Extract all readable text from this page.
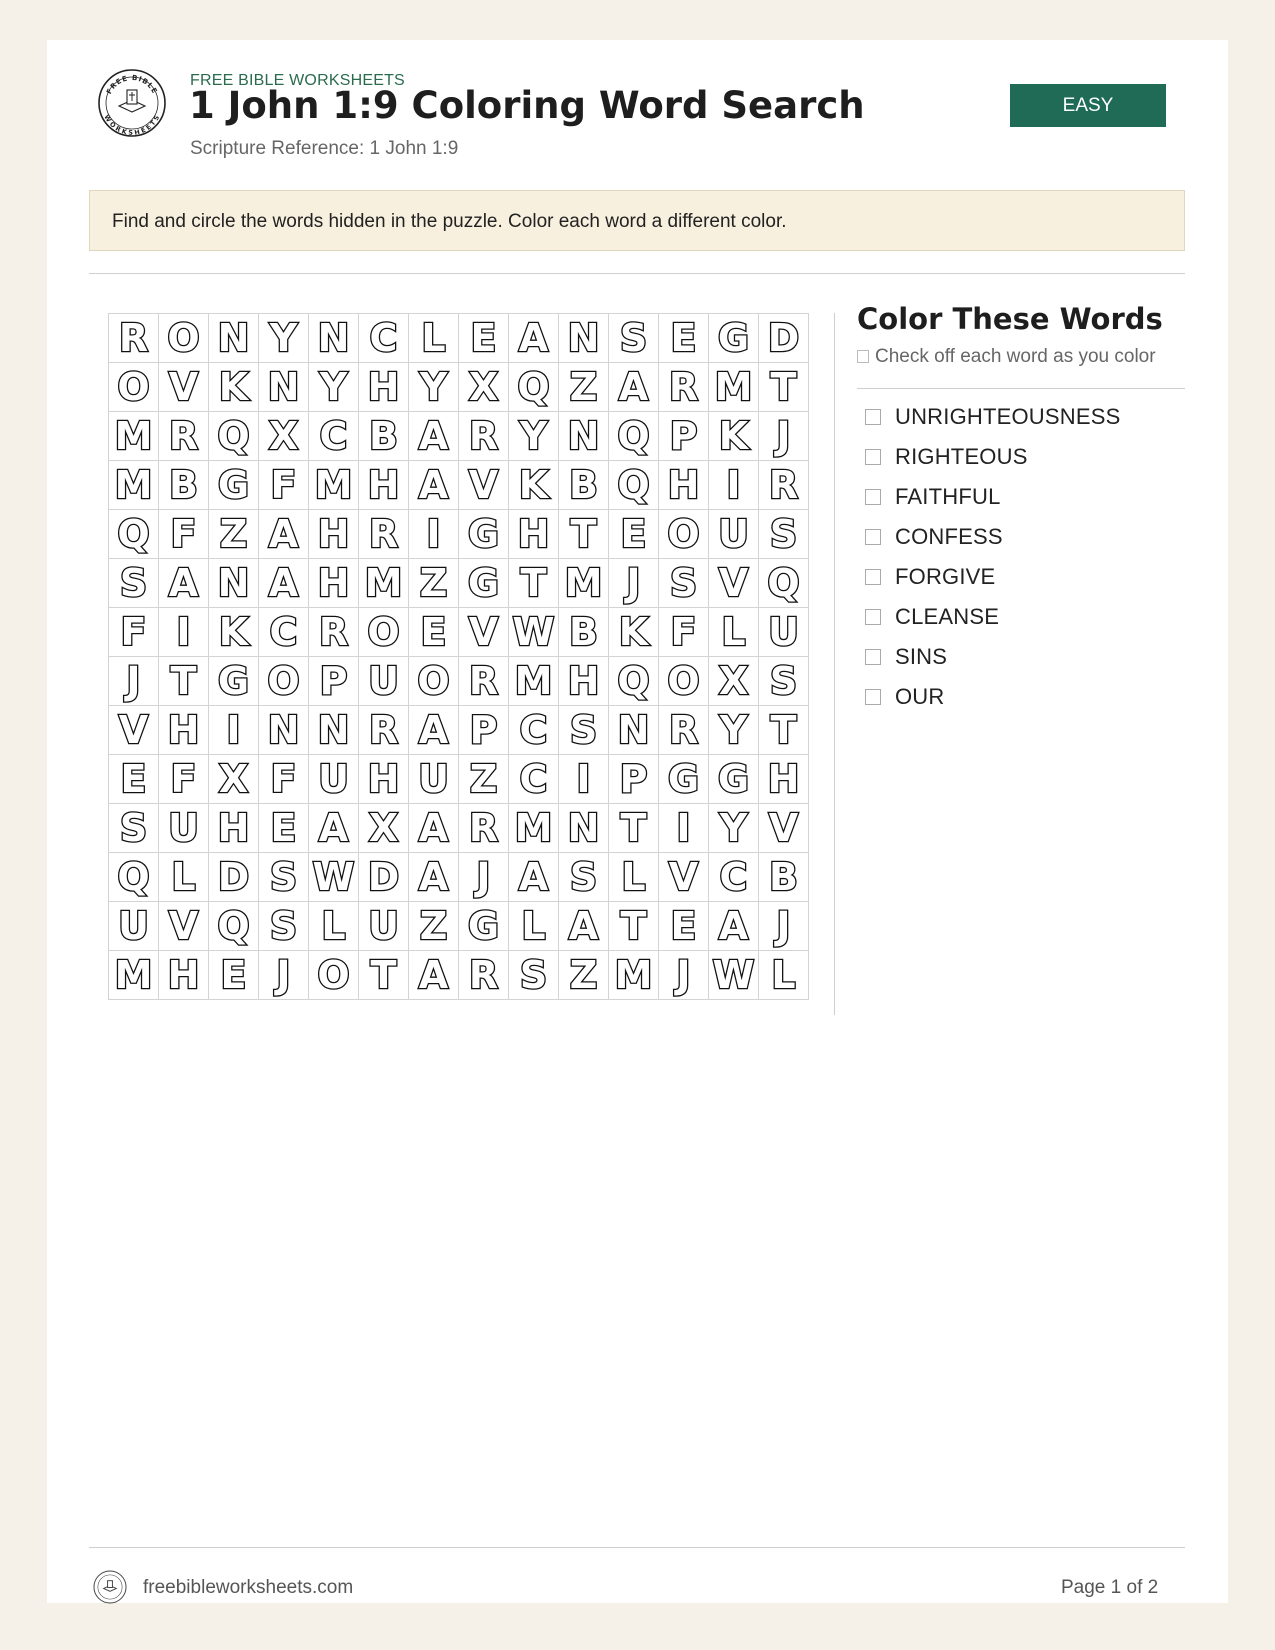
FREE BIBLE
WORKSHEETS
FREE BIBLE WORKSHEETS
1 John 1:9 Coloring Word Search
Scripture Reference: 1 John 1:9
EASY
Find and circle the words hidden in the puzzle. Color each word a different color.
R	O	N	Y	N	C	L	E	A	N	S	E	G	D
O	V	K	N	Y	H	Y	X	Q	Z	A	R	M	T
M	R	Q	X	C	B	A	R	Y	N	Q	P	K	J
M	B	G	F	M	H	A	V	K	B	Q	H	I	R
Q	F	Z	A	H	R	I	G	H	T	E	O	U	S
S	A	N	A	H	M	Z	G	T	M	J	S	V	Q
F	I	K	C	R	O	E	V	W	B	K	F	L	U
J	T	G	O	P	U	O	R	M	H	Q	O	X	S
V	H	I	N	N	R	A	P	C	S	N	R	Y	T
E	F	X	F	U	H	U	Z	C	I	P	G	G	H
S	U	H	E	A	X	A	R	M	N	T	I	Y	V
Q	L	D	S	W	D	A	J	A	S	L	V	C	B
U	V	Q	S	L	U	Z	G	L	A	T	E	A	J
M	H	E	J	O	T	A	R	S	Z	M	J	W	L
Color These Words
Check off each word as you color
UNRIGHTEOUSNESS
RIGHTEOUS
FAITHFUL
CONFESS
FORGIVE
CLEANSE
SINS
OUR
freebibleworksheets.com	Page 1 of 2
